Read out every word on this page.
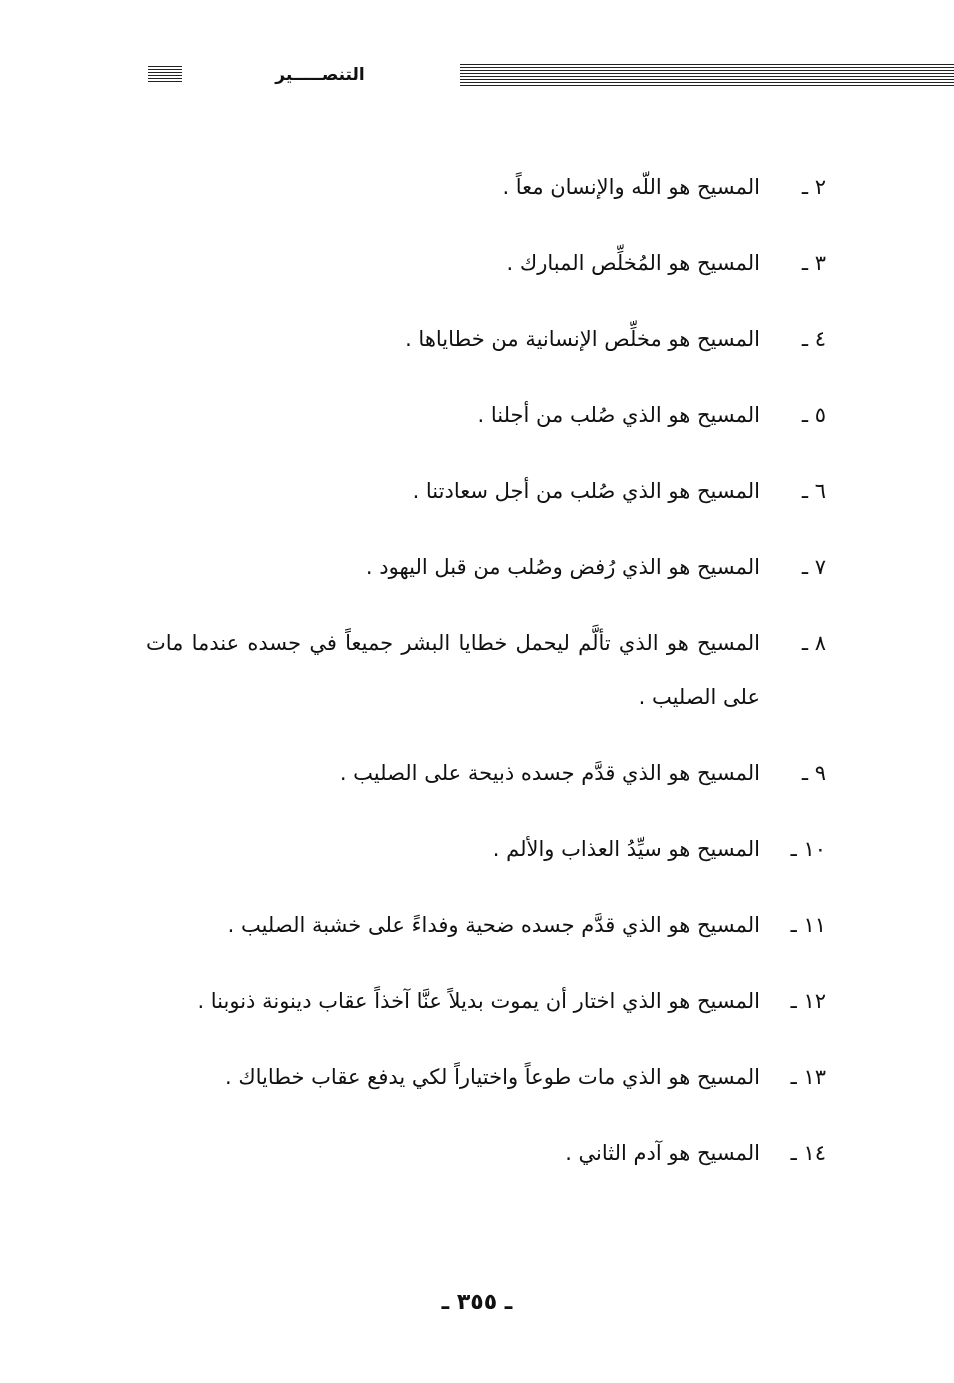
التنصـــــير
٢ ـ
المسيح هو اللّه والإنسان معاً .
٣ ـ
المسيح هو المُخلِّص المبارك .
٤ ـ
المسيح هو مخلِّص الإنسانية من خطاياها .
٥ ـ
المسيح هو الذي صُلب من أجلنا .
٦ ـ
المسيح هو الذي صُلب من أجل سعادتنا .
٧ ـ
المسيح هو الذي رُفض وصُلب من قبل اليهود .
٨ ـ
المسيح هو الذي تألَّم ليحمل خطايا البشر جميعاً في جسده عندما مات على الصليب .
٩ ـ
المسيح هو الذي قدَّم جسده ذبيحة على الصليب .
١٠ ـ
المسيح هو سيِّدُ العذاب والألم .
١١ ـ
المسيح هو الذي قدَّم جسده ضحية وفداءً على خشبة الصليب .
١٢ ـ
المسيح هو الذي اختار أن يموت بديلاً عنَّا آخذاً عقاب دينونة ذنوبنا .
١٣ ـ
المسيح هو الذي مات طوعاً واختياراً لكي يدفع عقاب خطاياك .
١٤ ـ
المسيح هو آدم الثاني .
ـ ٣٥٥ ـ
